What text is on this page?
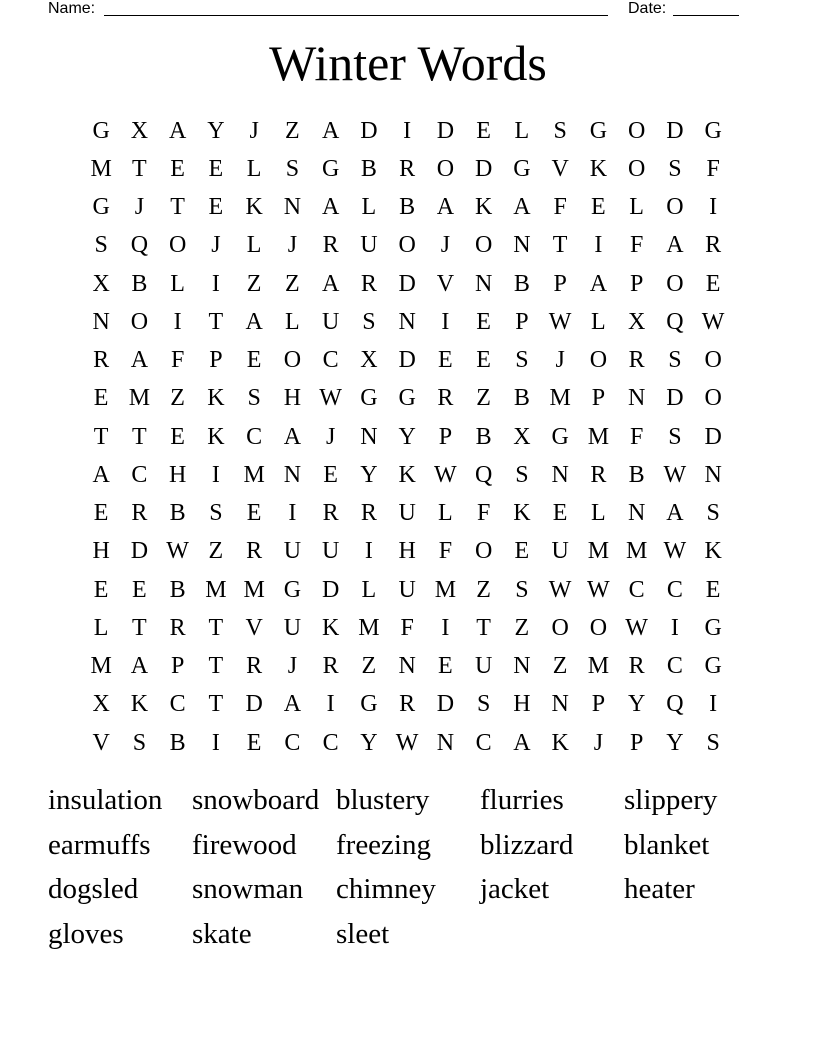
Name:	Date:
Winter Words
G X A Y	J	Z A D	I	D E L	S G O D G
M T E E L	S G B R O D G V K O S	F
G	J	T E K N A L B A K A F	E L O	I
S Q O	J	L	J	R U O	J	O N T	I	F A R
X B L	I	Z Z A R D V N B P A P O E
N O	I	T A L U S N	I	E	P W L X Q W
R A F	P	E O C X D E E	S	J	O R S O
E M Z K S H W G G R Z B M P N D O
T T E K C A	J	N Y P B X G M F	S D
A C H	I M N E Y K W Q S N R B W N
E R B S	E	I	R R U L	F K E L N A S
H D W Z R U U	I	H F O E U M M W K
E E B M M G D L U M Z	S W W C C E
L T R T V U K M F	I	T Z O O W I	G
M A P	T R	J	R Z N E U N Z M R C G
X K C T D A	I	G R D S H N P Y Q	I
V S B	I	E C C Y W N C A K	J	P Y S
insulation	snowboard blustery	flurries	slippery
earmuffs	firewood	freezing	blizzard	blanket
dogsled	snowman	chimney	jacket	heater
gloves	skate	sleet
